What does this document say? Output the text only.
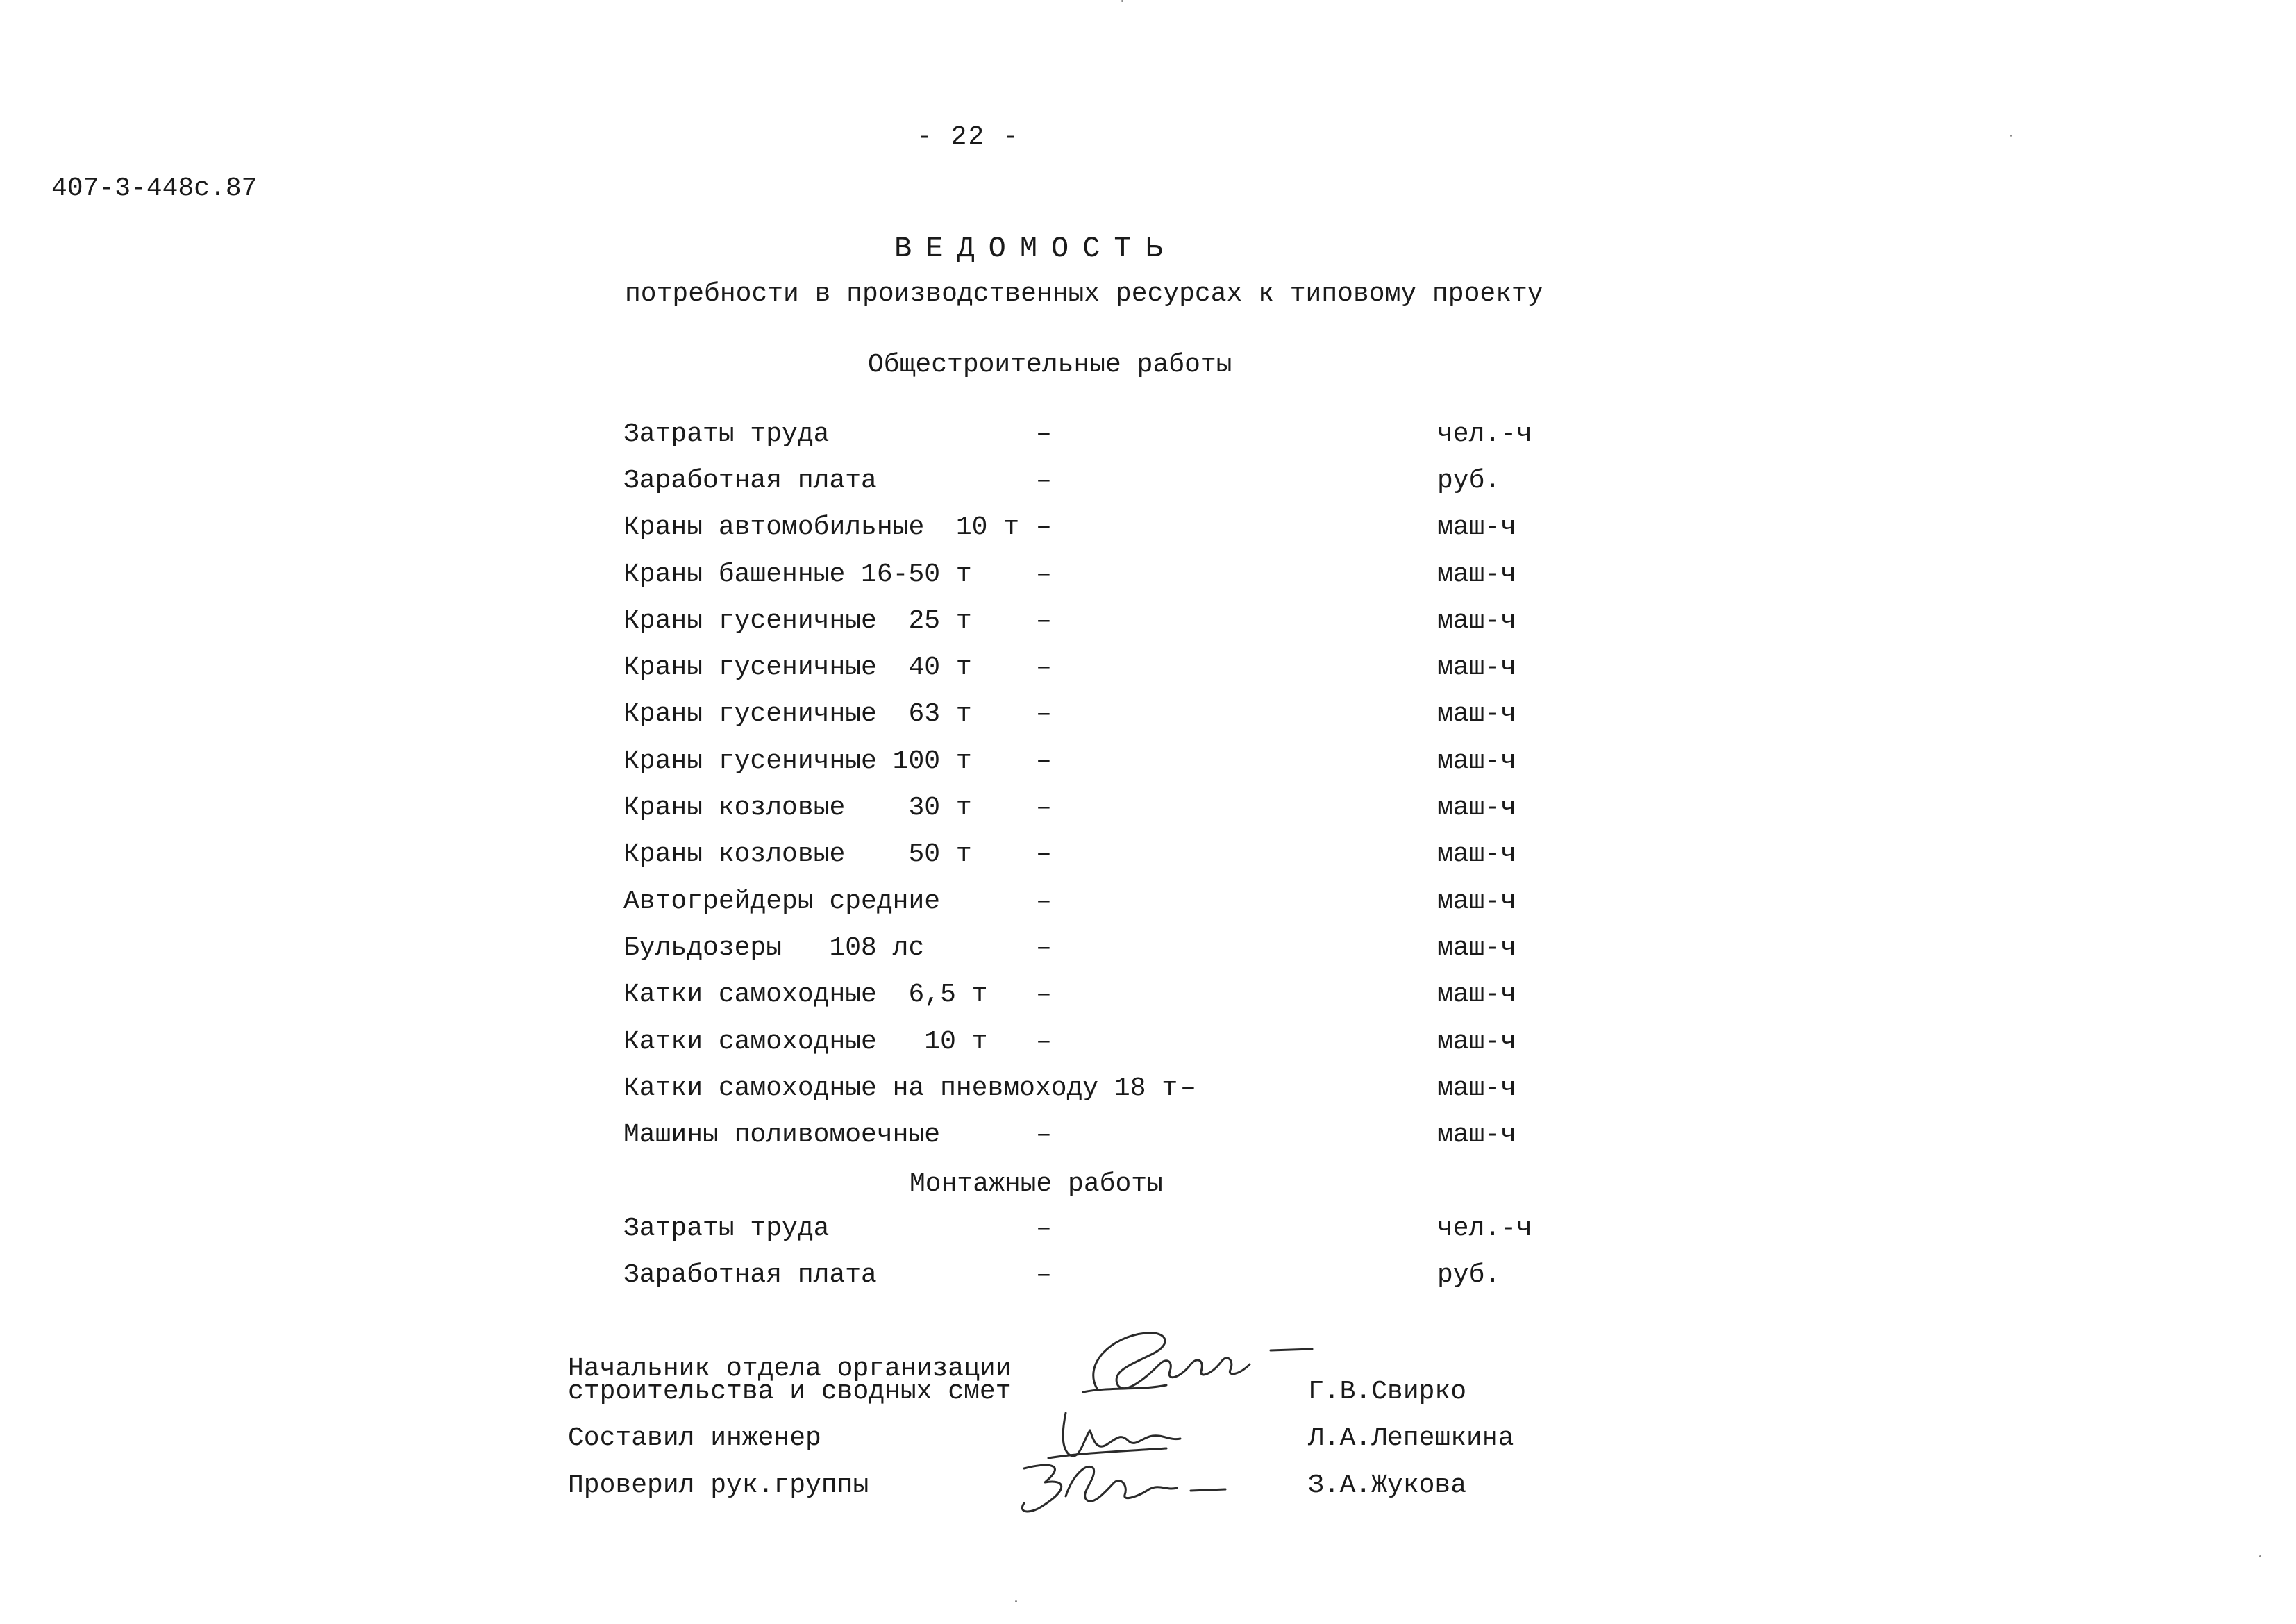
- 22 -
407-3-448с.87
ВЕДОМОСТЬ
потребности в производственных ресурсах к типовому проекту
Общестроительные работы
Затраты труда	–	чел.-ч
Заработная плата	–	руб.
Краны автомобильные  10 т –	маш-ч
Краны башенные 16-50 т –	маш-ч
Краны гусеничные  25 т –	маш-ч
Краны гусеничные  40 т –	маш-ч
Краны гусеничные  63 т –	маш-ч
Краны гусеничные 100 т –	маш-ч
Краны козловые    30 т –	маш-ч
Краны козловые    50 т –	маш-ч
Автогрейдеры средние	–	маш-ч
Бульдозеры   108 лс	–	маш-ч
Катки самоходные  6,5 т –	маш-ч
Катки самоходные   10 т –	маш-ч
Катки самоходные на пневмоходу 18 т –	маш-ч
Машины поливомоечные	–	маш-ч
Монтажные работы
Затраты труда	–	чел.-ч
Заработная плата	–	руб.
Начальник отдела организации
строительства и сводных смет	Г.В.Свирко
Составил инженер	Л.А.Лепешкина
Проверил рук.группы	З.А.Жукова
